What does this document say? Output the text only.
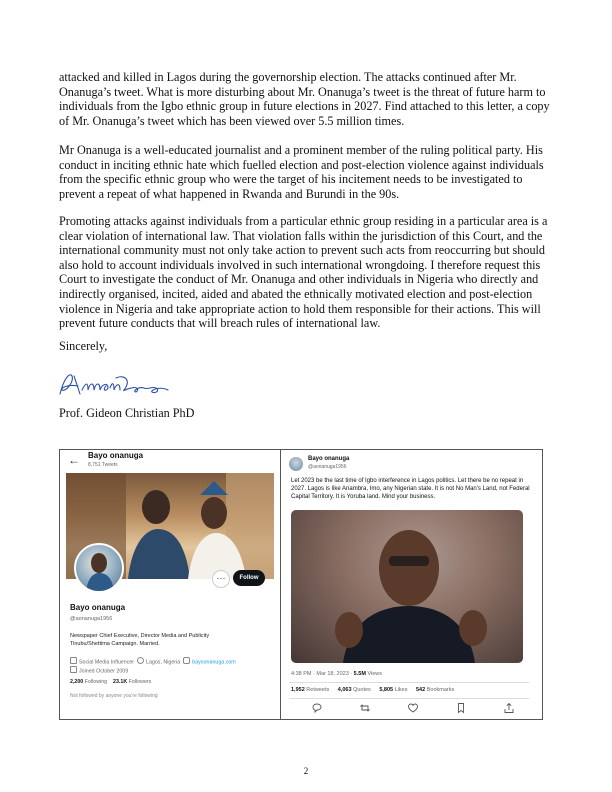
attacked and killed in Lagos during the governorship election. The attacks continued after Mr. Onanuga’s tweet. What is more disturbing about Mr. Onanuga’s tweet is the threat of future harm to individuals from the Igbo ethnic group in future elections in 2027. Find attached to this letter, a copy of Mr. Onanuga’s tweet which has been viewed over 5.5 million times.

Mr Onanuga is a well-educated journalist and a prominent member of the ruling political party. His conduct in inciting ethnic hate which fuelled election and post-election violence against individuals from the specific ethnic group who were the target of his incitement needs to be investigated to prevent a repeat of what happened in Rwanda and Burundi in the 90s.

Promoting attacks against individuals from a particular ethnic group residing in a particular area is a clear violation of international law. That violation falls within the jurisdiction of this Court, and the international community must not only take action to prevent such acts from reoccurring but should also hold to account individuals involved in such international wrongdoing. I therefore request this Court to investigate the conduct of Mr. Onanuga and other individuals in Nigeria who directly and indirectly organised, incited, aided and abated the ethnically motivated election and post-election violence in Nigeria and take appropriate action to hold them responsible for their actions. This will prevent future conducts that will breach rules of international law.

Sincerely,

Prof. Gideon Christian PhD

← Bayo onanuga
8,751 Tweets
···	Follow
Bayo onanuga
@aonanuga1956
Newspaper Chief Executive, Director Media and Publicity Tinubu/Shettima Campaign. Married.
Social Media Influencer Lagos, Nigeria bayoonanuga.com
Joined October 2009
2,200 Following 23.1K Followers
Not followed by anyone you're following
Bayo onanuga
@aonanuga1956
Let 2023 be the last time of Igbo interference in Lagos politics. Let there be no repeat in 2027. Lagos is like Anambra, Imo, any Nigerian state. It is not No Man's Land, not Federal Capital Territory. It is Yoruba land. Mind your business.
4:38 PM · Mar 18, 2023 · 5.5M Views
1,952 Retweets 4,063 Quotes 5,805 Likes 542 Bookmarks
2
